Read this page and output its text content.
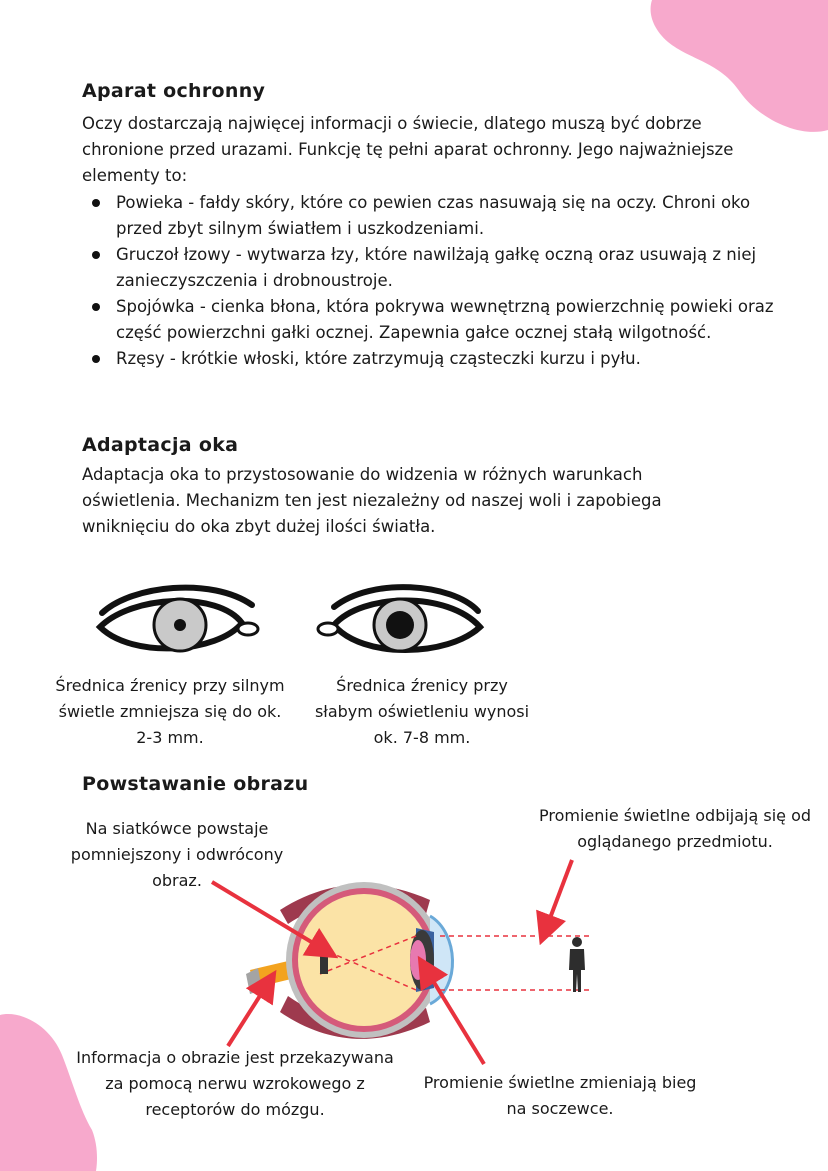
Aparat ochronny

Oczy dostarczają najwięcej informacji o świecie, dlatego muszą być dobrze chronione przed urazami. Funkcję tę pełni aparat ochronny. Jego najważniejsze elementy to:

Powieka - fałdy skóry, które co pewien czas nasuwają się na oczy. Chroni oko przed zbyt silnym światłem i uszkodzeniami.
Gruczoł łzowy - wytwarza łzy, które nawilżają gałkę oczną oraz usuwają z niej zanieczyszczenia i drobnoustroje.
Spojówka - cienka błona, która pokrywa wewnętrzną powierzchnię powieki oraz część powierzchni gałki ocznej. Zapewnia gałce ocznej stałą wilgotność.
Rzęsy - krótkie włoski, które zatrzymują cząsteczki kurzu i pyłu.
Adaptacja oka

Adaptacja oka to przystosowanie do widzenia w różnych warunkach oświetlenia. Mechanizm ten jest niezależny od naszej woli i zapobiega wniknięciu do oka zbyt dużej ilości światła.

Średnica źrenicy przy silnym świetle zmniejsza się do ok. 2-3 mm.

Średnica źrenicy przy słabym oświetleniu wynosi ok. 7-8 mm.

Powstawanie obrazu

Na siatkówce powstaje pomniejszony i odwrócony obraz.

Promienie świetlne odbijają się od oglądanego przedmiotu.

Informacja o obrazie jest przekazywana za pomocą nerwu wzrokowego z receptorów do mózgu.

Promienie świetlne zmieniają bieg na soczewce.
